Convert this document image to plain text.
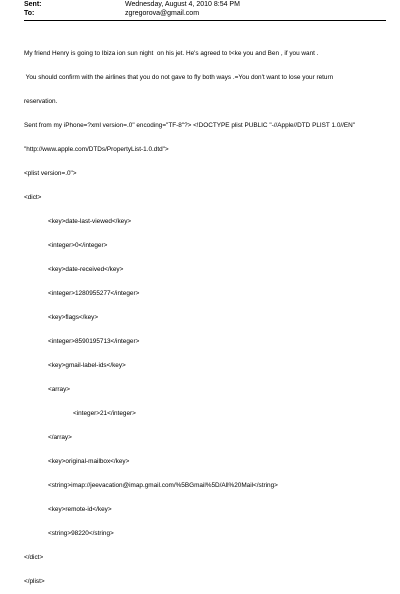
Sent:	Wednesday, August 4, 2010 8:54 PM
To:	zgregorova@gmail.com

My friend Henry is going to Ibiza ion sun night  on his jet. He's agreed to t<ke you and Ben , if you want .

You should confirm with the airlines that you do not gave to fly both ways .=You don't want to lose your return

reservation.

Sent from my iPhone=?xml version=.0" encoding="TF-8"?> <!DOCTYPE plist PUBLIC "-//Apple//DTD PLIST 1.0//EN"

"http://www.apple.com/DTDs/PropertyList-1.0.dtd">

<plist version=.0">

<dict>

<key>date-last-viewed</key>

<integer>0</integer>

<key>date-received</key>

<integer>1280955277</integer>

<key>flags</key>

<integer>8590195713</integer>

<key>gmail-label-ids</key>

<array>

<integer>21</integer>

</array>

<key>original-mailbox</key>

<string>imap://jeevacation@imap.gmail.com/%5BGmail%5D/All%20Mail</string>

<key>remote-id</key>

<string>98220</string>

</dict>

</plist>
